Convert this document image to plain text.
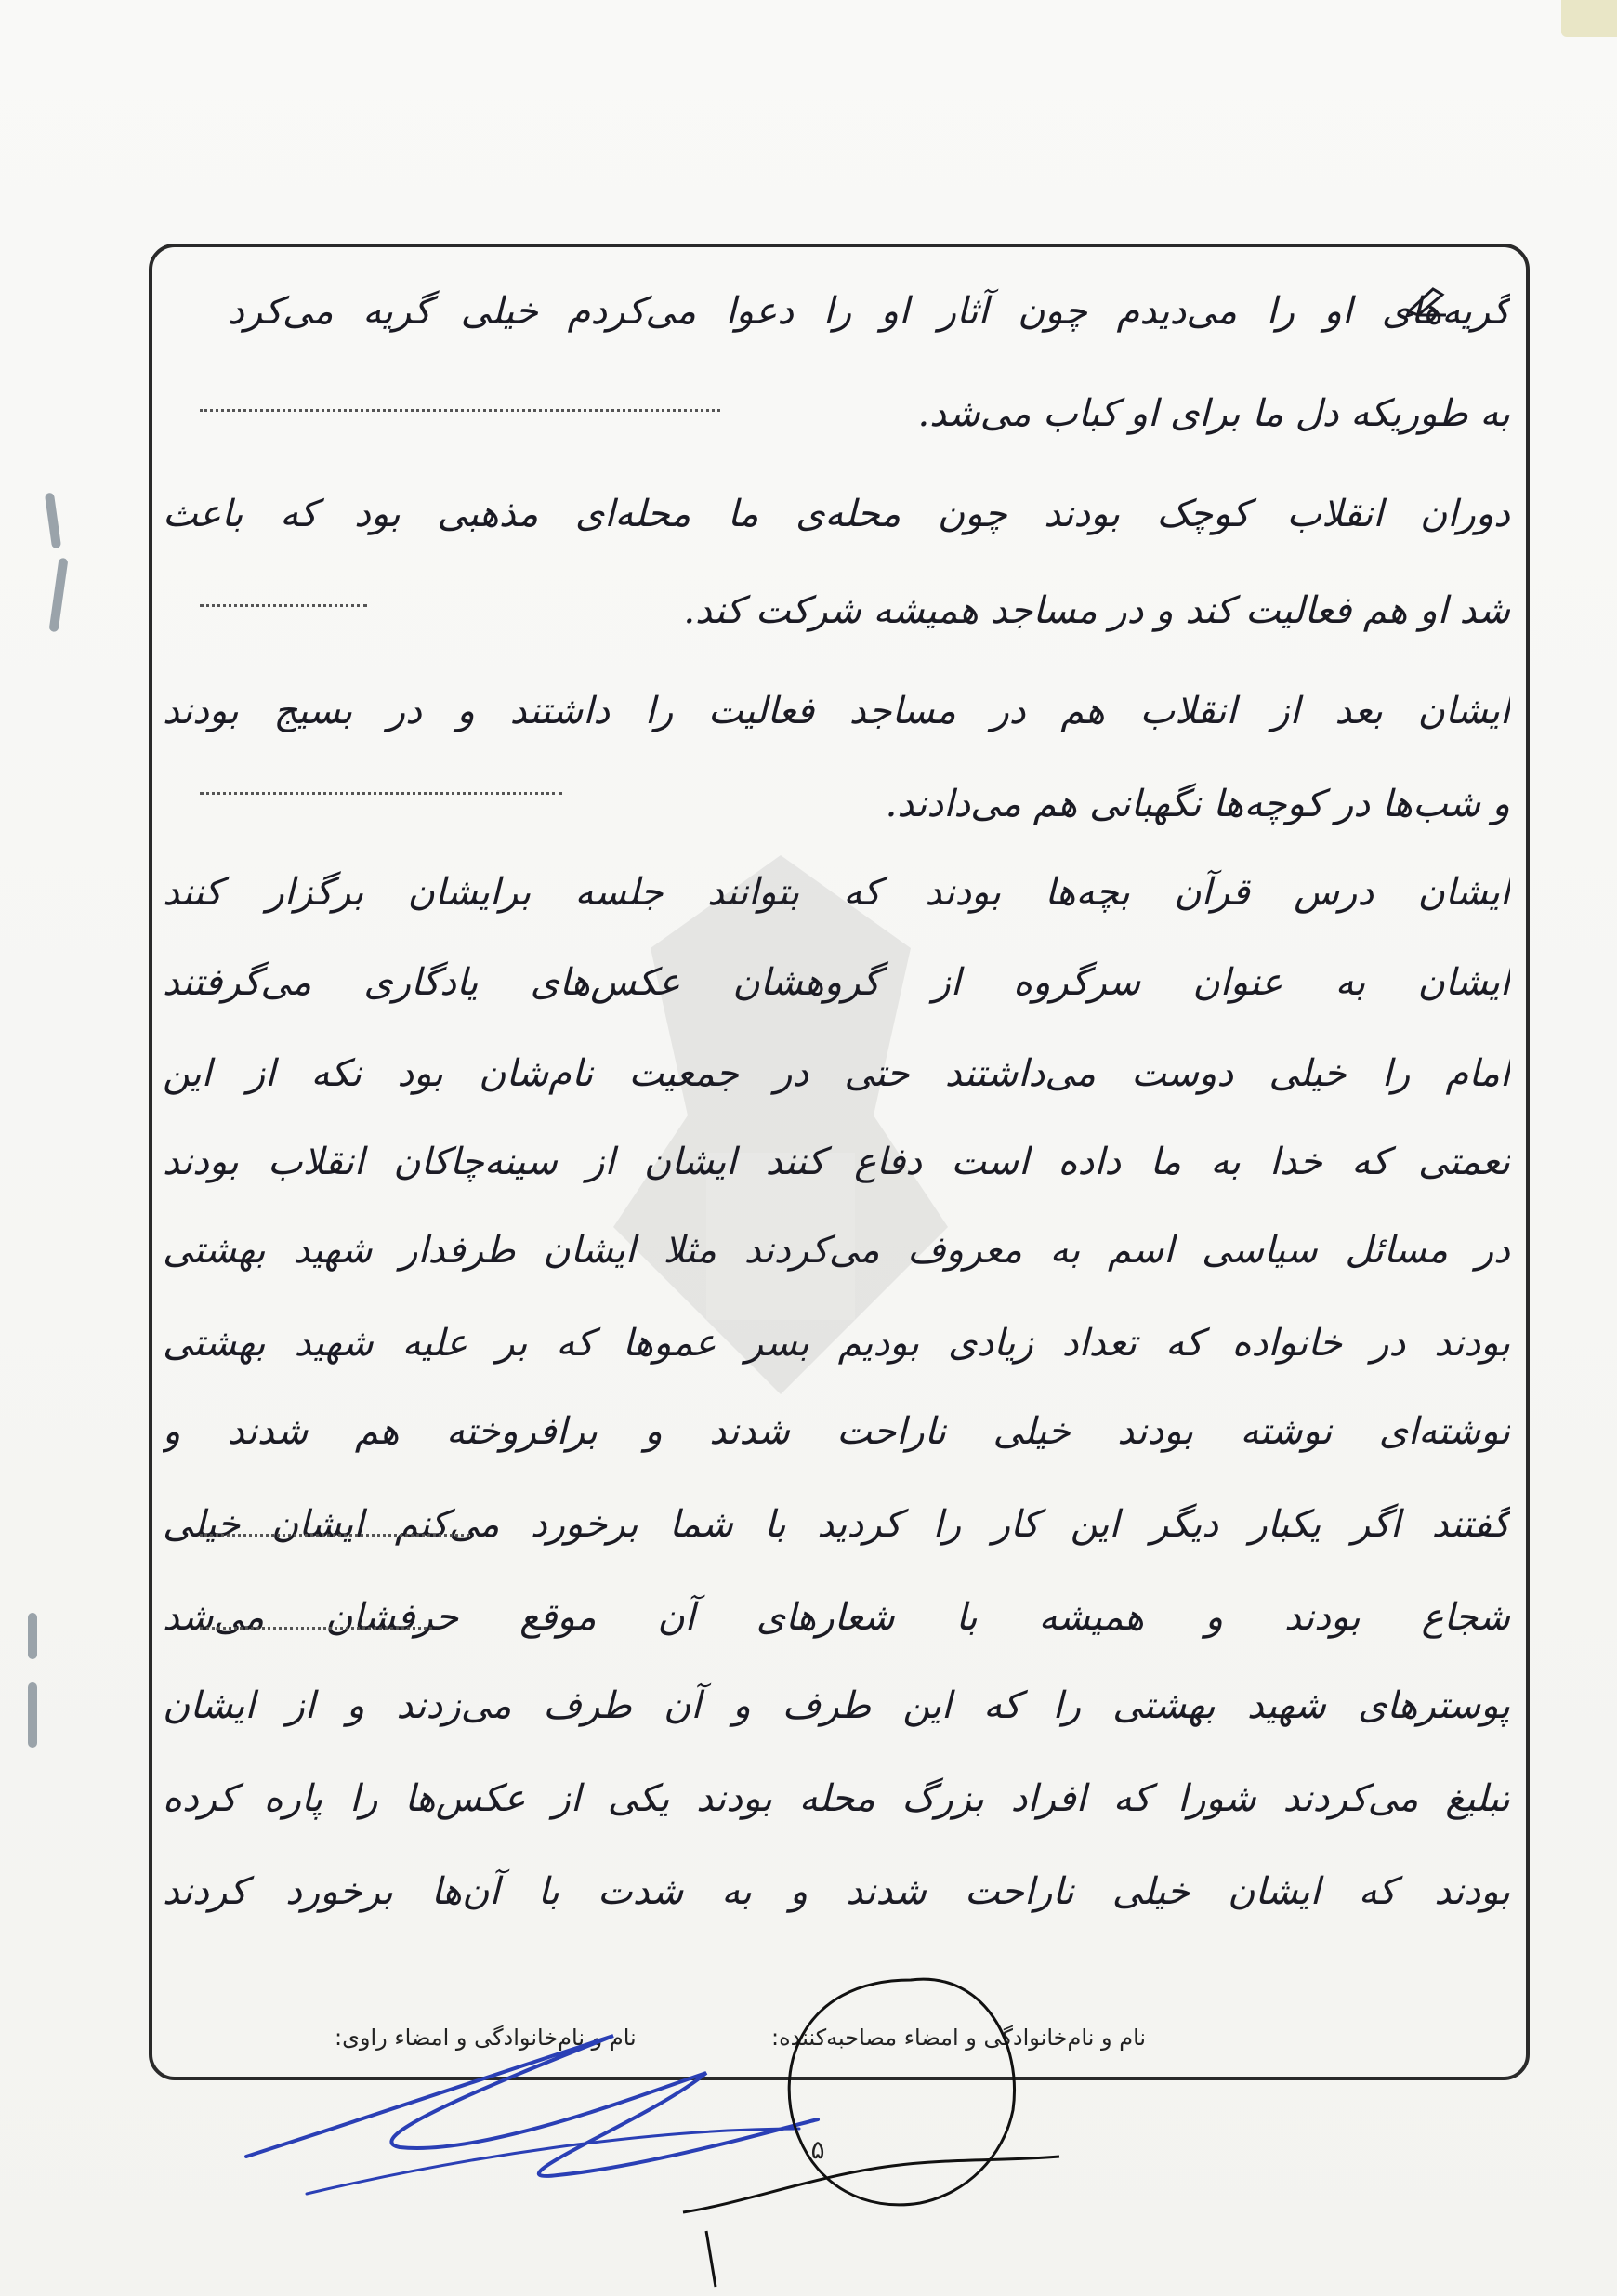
گریه‌های او را می‌دیدم چون آثار او را دعوا می‌کردم خیلی گریه می‌کرد
به طوریکه دل ما برای او کباب می‌شد.
دوران انقلاب کوچک بودند چون محله‌ی ما محله‌ای مذهبی بود که باعث
شد او هم فعالیت کند و در مساجد همیشه شرکت کند.
ایشان بعد از انقلاب هم در مساجد فعالیت را داشتند و در بسیج بودند
و شب‌ها در کوچه‌ها نگهبانی هم می‌دادند.
ایشان درس قرآن بچه‌ها بودند که بتوانند جلسه برایشان برگزار کنند
ایشان به عنوان سرگروه از گروهشان عکس‌های یادگاری می‌گرفتند
امام را خیلی دوست می‌داشتند حتی در جمعیت نام‌شان بود نکه از این
نعمتی که خدا به ما داده است دفاع کنند ایشان از سینه‌چاکان انقلاب بودند
در مسائل سیاسی اسم به معروف می‌کردند مثلا ایشان طرفدار شهید بهشتی
بودند در خانواده که تعداد زیادی بودیم بسر عموها که بر علیه شهید بهشتی
نوشته‌ای نوشته بودند خیلی ناراحت شدند و برافروخته هم شدند و
گفتند اگر یکبار دیگر این کار را کردید با شما برخورد می‌کنم ایشان خیلی
شجاع بودند و همیشه با شعارهای آن موقع حرفشان می‌شد
پوسترهای شهید بهشتی را که این طرف و آن طرف می‌زدند و از ایشان
تبلیغ می‌کردند شورا که افراد بزرگ محله بودند یکی از عکس‌ها را پاره کرده
بودند که ایشان خیلی ناراحت شدند و به شدت با آن‌ها برخورد کردند
نام و نام‌خانوادگی و امضاء مصاحبه‌کننده:
نام و نام‌خانوادگی و امضاء راوی:
۵
